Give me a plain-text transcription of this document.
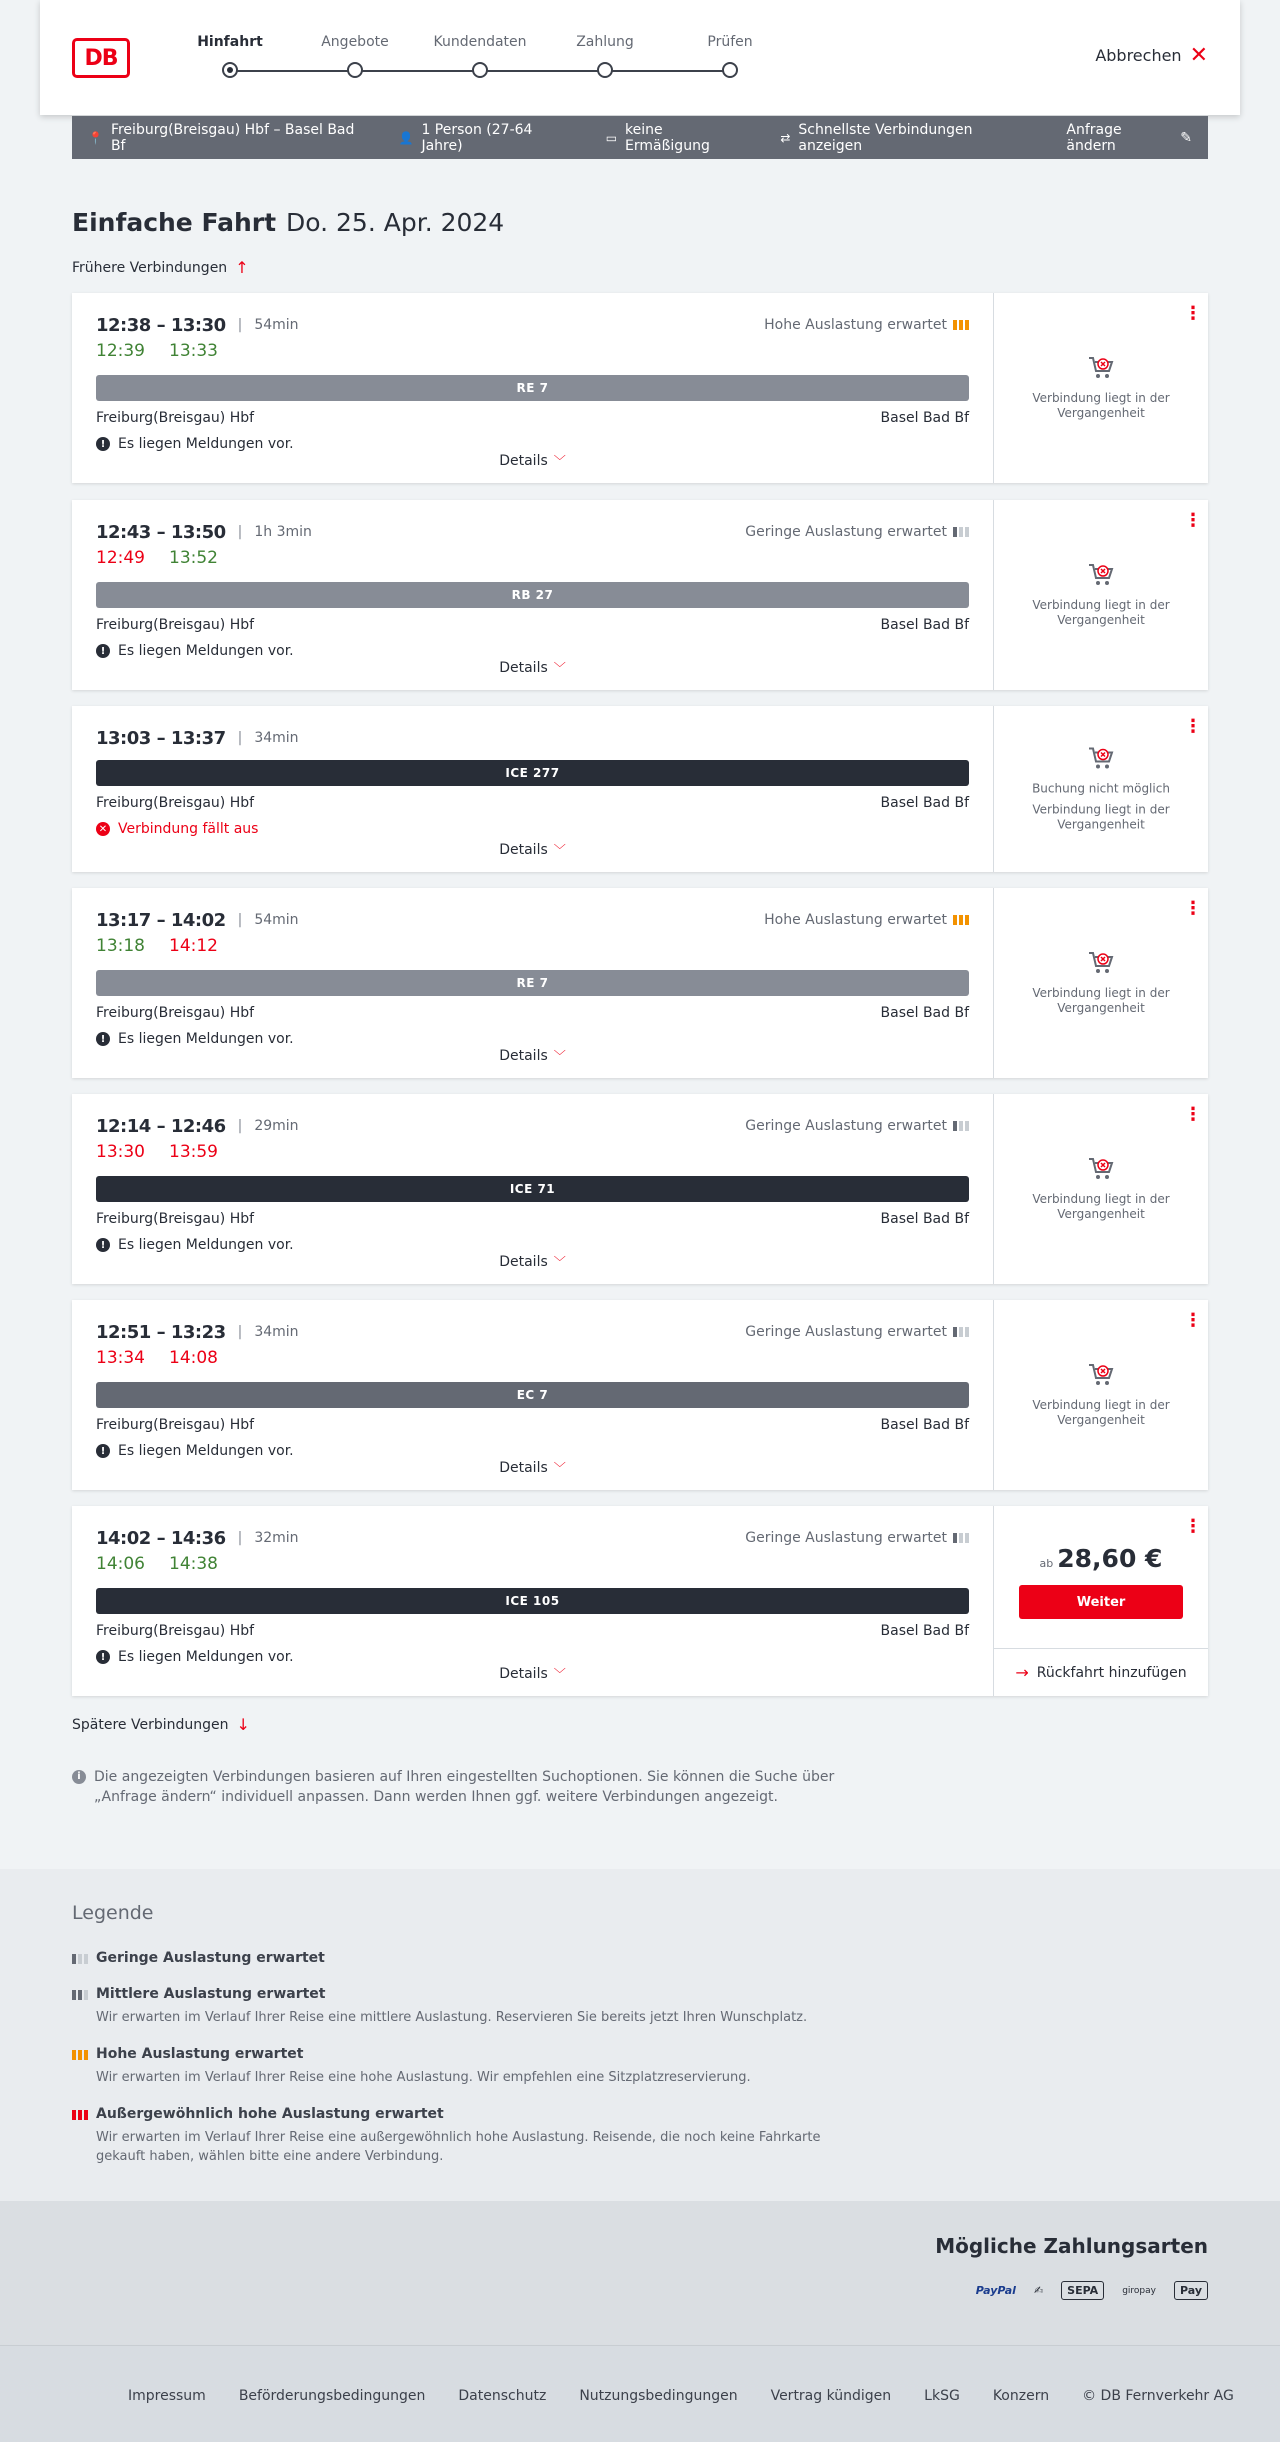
DB
Hinfahrt	Angebote	Kundendaten	Zahlung	Prüfen
Abbrechen ✕
📍 Freiburg(Breisgau) Hbf – Basel Bad Bf	👤 1 Person (27-64 Jahre)	▭ keine Ermäßigung	⇄ Schnellste Verbindungen anzeigen
Anfrage ändern	✎
Einfache Fahrt Do. 25. Apr. 2024
Frühere Verbindungen ↑
12:38 – 13:30 | 54min	Hohe Auslastung erwartet
12:39 13:33
RE 7
Freiburg(Breisgau) Hbf	Basel Bad Bf
! Es liegen Meldungen vor.
Details ﹀
⋮
Verbindung liegt in der Vergangenheit
12:43 – 13:50 | 1h 3min	Geringe Auslastung erwartet
12:49 13:52
RB 27
Freiburg(Breisgau) Hbf	Basel Bad Bf
! Es liegen Meldungen vor.
Details ﹀
⋮
Verbindung liegt in der Vergangenheit
13:03 – 13:37 | 34min
ICE 277
Freiburg(Breisgau) Hbf	Basel Bad Bf
✕ Verbindung fällt aus
Details ﹀
⋮
Buchung nicht möglich
Verbindung liegt in der Vergangenheit
13:17 – 14:02 | 54min	Hohe Auslastung erwartet
13:18 14:12
RE 7
Freiburg(Breisgau) Hbf	Basel Bad Bf
! Es liegen Meldungen vor.
Details ﹀
⋮
Verbindung liegt in der Vergangenheit
12:14 – 12:46 | 29min	Geringe Auslastung erwartet
13:30 13:59
ICE 71
Freiburg(Breisgau) Hbf	Basel Bad Bf
! Es liegen Meldungen vor.
Details ﹀
⋮
Verbindung liegt in der Vergangenheit
12:51 – 13:23 | 34min	Geringe Auslastung erwartet
13:34 14:08
EC 7
Freiburg(Breisgau) Hbf	Basel Bad Bf
! Es liegen Meldungen vor.
Details ﹀
⋮
Verbindung liegt in der Vergangenheit
14:02 – 14:36 | 32min	Geringe Auslastung erwartet
14:06 14:38
ICE 105
Freiburg(Breisgau) Hbf	Basel Bad Bf
! Es liegen Meldungen vor.
Details ﹀
⋮
ab 28,60 €
Weiter
→ Rückfahrt hinzufügen
Spätere Verbindungen ↓
i Die angezeigten Verbindungen basieren auf Ihren eingestellten Suchoptionen. Sie können die Suche über „Anfrage ändern“ individuell anpassen. Dann werden Ihnen ggf. weitere Verbindungen angezeigt.
Legende
Geringe Auslastung erwartet
Mittlere Auslastung erwartet

Wir erwarten im Verlauf Ihrer Reise eine mittlere Auslastung. Reservieren Sie bereits jetzt Ihren Wunschplatz.

Hohe Auslastung erwartet

Wir erwarten im Verlauf Ihrer Reise eine hohe Auslastung. Wir empfehlen eine Sitzplatzreservierung.

Außergewöhnlich hohe Auslastung erwartet

Wir erwarten im Verlauf Ihrer Reise eine außergewöhnlich hohe Auslastung. Reisende, die noch keine Fahrkarte gekauft haben, wählen bitte eine andere Verbindung.

Mögliche Zahlungsarten
PayPal ✍	SEPA	giropay	Pay
Impressum Beförderungsbedingungen Datenschutz Nutzungsbedingungen Vertrag kündigen LkSG Konzern © DB Fernverkehr AG
